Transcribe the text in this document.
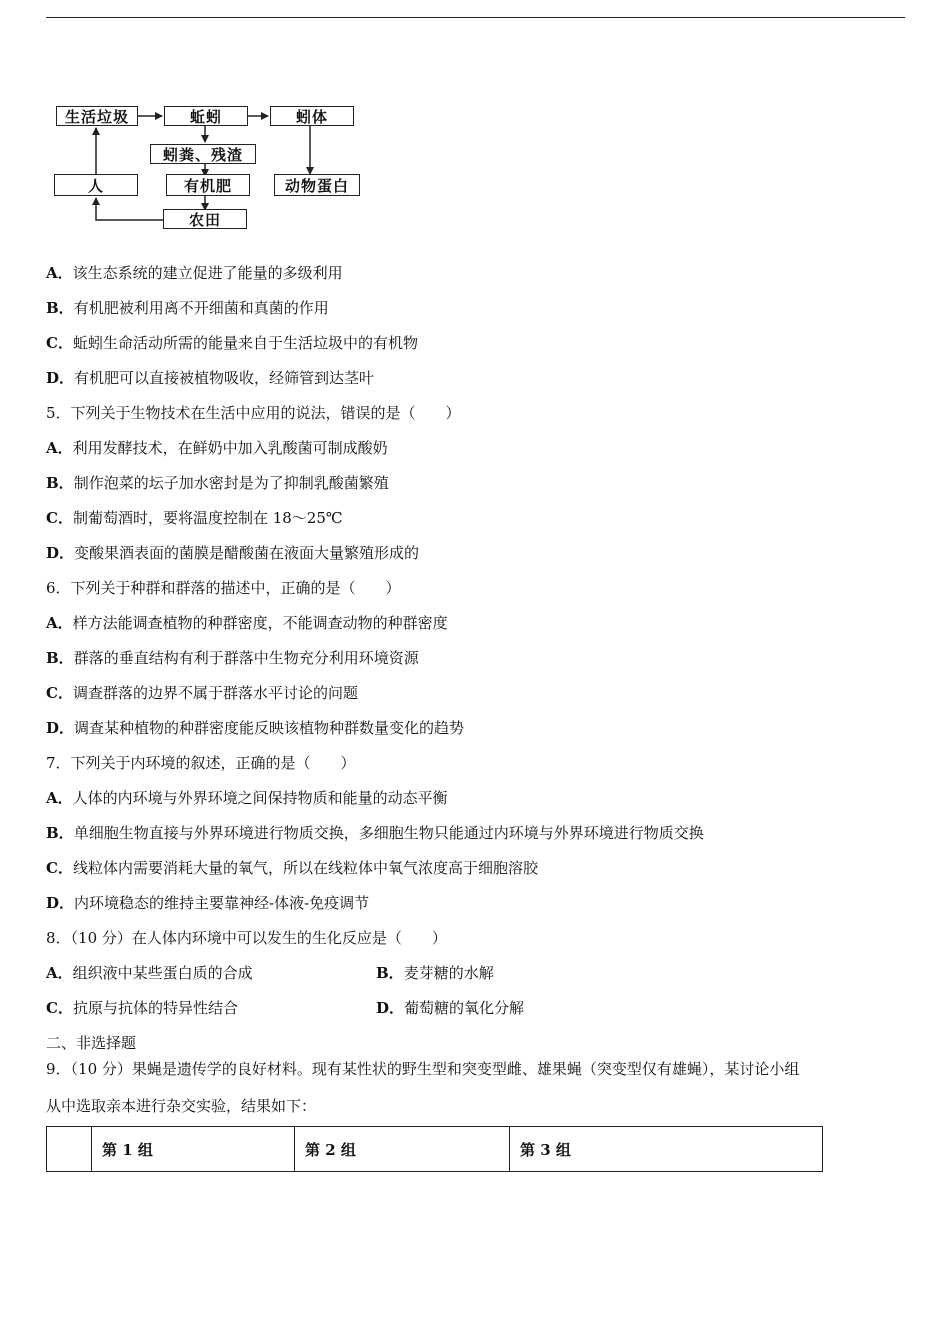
生活垃圾	蚯蚓	蚓体
蚓粪、残渣
人	有机肥	动物蛋白
农田
A．该生态系统的建立促进了能量的多级利用
B．有机肥被利用离不开细菌和真菌的作用
C．蚯蚓生命活动所需的能量来自于生活垃圾中的有机物
D．有机肥可以直接被植物吸收，经筛管到达茎叶
5．下列关于生物技术在生活中应用的说法，错误的是（　　）
A．利用发酵技术，在鲜奶中加入乳酸菌可制成酸奶
B．制作泡菜的坛子加水密封是为了抑制乳酸菌繁殖
C．制葡萄酒时，要将温度控制在 18～25℃
D．变酸果酒表面的菌膜是醋酸菌在液面大量繁殖形成的
6．下列关于种群和群落的描述中，正确的是（　　）
A．样方法能调查植物的种群密度，不能调查动物的种群密度
B．群落的垂直结构有利于群落中生物充分利用环境资源
C．调查群落的边界不属于群落水平讨论的问题
D．调查某种植物的种群密度能反映该植物种群数量变化的趋势
7．下列关于内环境的叙述，正确的是（　　）
A．人体的内环境与外界环境之间保持物质和能量的动态平衡
B．单细胞生物直接与外界环境进行物质交换，多细胞生物只能通过内环境与外界环境进行物质交换
C．线粒体内需要消耗大量的氧气，所以在线粒体中氧气浓度高于细胞溶胶
D．内环境稳态的维持主要靠神经-体液-免疫调节
8．（10 分）在人体内环境中可以发生的生化反应是（　　）
A．组织液中某些蛋白质的合成	B．麦芽糖的水解
C．抗原与抗体的特异性结合	D．葡萄糖的氧化分解
二、非选择题
9．（10 分）果蝇是遗传学的良好材料。现有某性状的野生型和突变型雌、雄果蝇（突变型仅有雄蝇），某讨论小组
从中选取亲本进行杂交实验，结果如下：
	第 1 组	第 2 组	第 3 组
